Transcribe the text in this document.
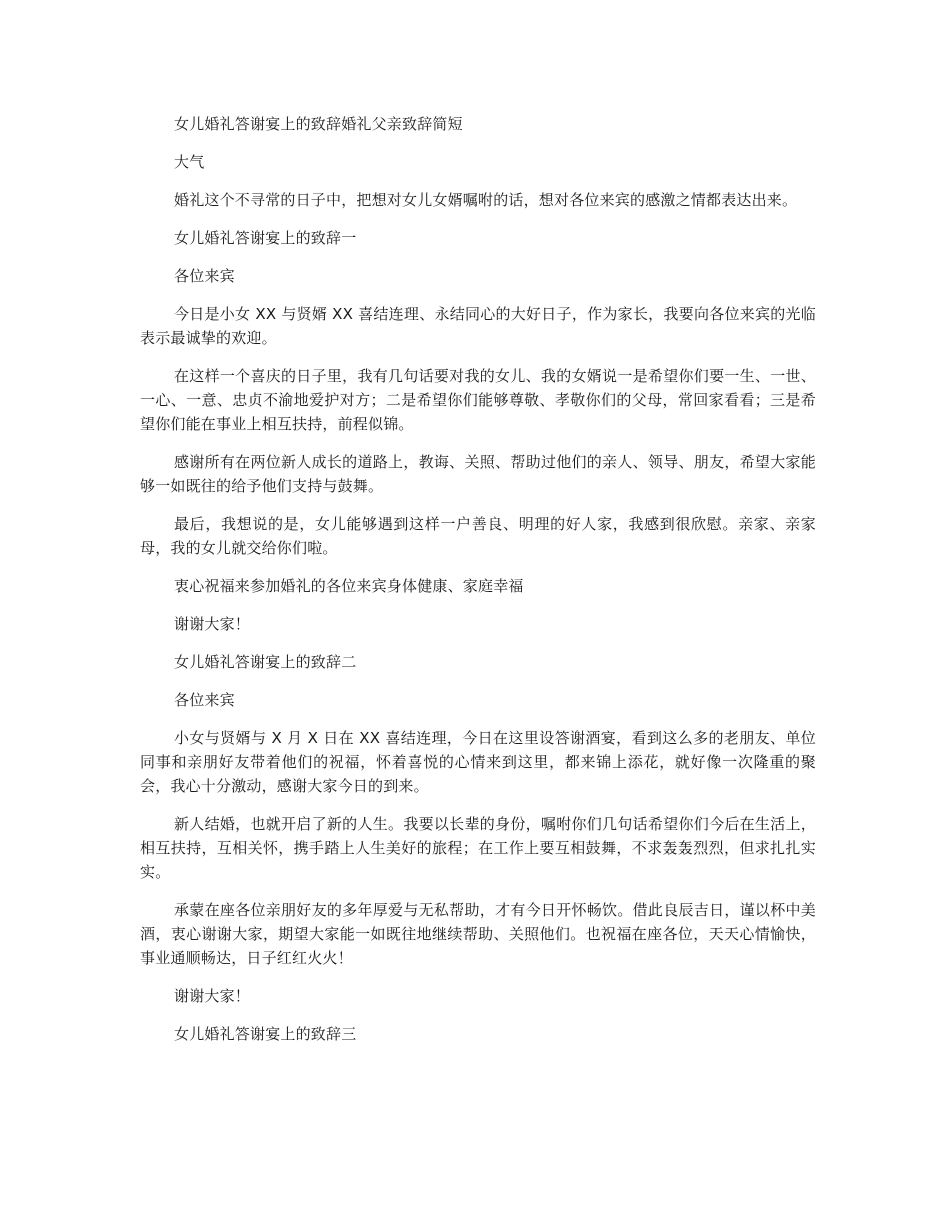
女儿婚礼答谢宴上的致辞婚礼父亲致辞简短

大气

婚礼这个不寻常的日子中，把想对女儿女婿嘱咐的话，想对各位来宾的感激之情都表达出来。

女儿婚礼答谢宴上的致辞一

各位来宾

今日是小女 XX 与贤婿 XX 喜结连理、永结同心的大好日子，作为家长，我要向各位来宾的光临表示最诚挚的欢迎。

在这样一个喜庆的日子里，我有几句话要对我的女儿、我的女婿说一是希望你们要一生、一世、一心、一意、忠贞不渝地爱护对方；二是希望你们能够尊敬、孝敬你们的父母，常回家看看；三是希望你们能在事业上相互扶持，前程似锦。

感谢所有在两位新人成长的道路上，教诲、关照、帮助过他们的亲人、领导、朋友，希望大家能够一如既往的给予他们支持与鼓舞。

最后，我想说的是，女儿能够遇到这样一户善良、明理的好人家，我感到很欣慰。亲家、亲家母，我的女儿就交给你们啦。

衷心祝福来参加婚礼的各位来宾身体健康、家庭幸福

谢谢大家！

女儿婚礼答谢宴上的致辞二

各位来宾

小女与贤婿与 X 月 X 日在 XX 喜结连理，今日在这里设答谢酒宴，看到这么多的老朋友、单位同事和亲朋好友带着他们的祝福，怀着喜悦的心情来到这里，都来锦上添花，就好像一次隆重的聚会，我心十分激动，感谢大家今日的到来。

新人结婚，也就开启了新的人生。我要以长辈的身份，嘱咐你们几句话希望你们今后在生活上，相互扶持，互相关怀，携手踏上人生美好的旅程；在工作上要互相鼓舞，不求轰轰烈烈，但求扎扎实实。

承蒙在座各位亲朋好友的多年厚爱与无私帮助，才有今日开怀畅饮。借此良辰吉日，谨以杯中美酒，衷心谢谢大家，期望大家能一如既往地继续帮助、关照他们。也祝福在座各位，天天心情愉快，事业通顺畅达，日子红红火火！

谢谢大家！

女儿婚礼答谢宴上的致辞三
